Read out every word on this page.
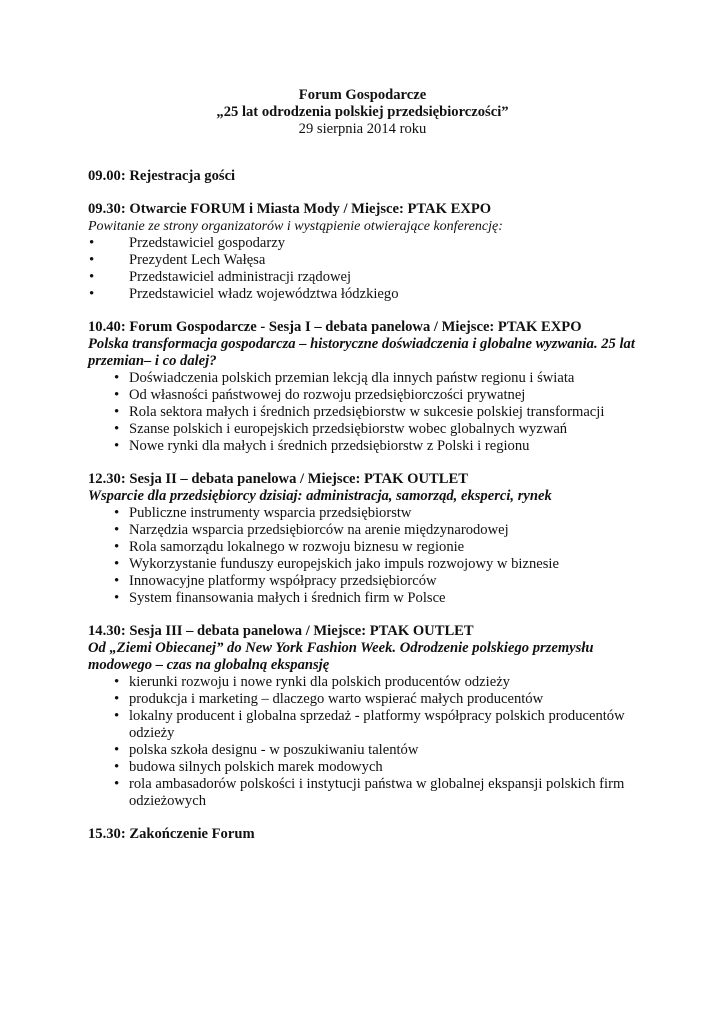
Forum Gospodarcze
„25 lat odrodzenia polskiej przedsiębiorczości”
29 sierpnia 2014 roku
09.00: Rejestracja gości
09.30: Otwarcie FORUM i Miasta Mody / Miejsce: PTAK EXPO
Powitanie ze strony organizatorów i wystąpienie otwierające konferencję:
• Przedstawiciel gospodarzy
• Prezydent Lech Wałęsa
• Przedstawiciel administracji rządowej
• Przedstawiciel władz województwa łódzkiego
10.40: Forum Gospodarcze - Sesja I – debata panelowa / Miejsce: PTAK EXPO
Polska transformacja gospodarcza – historyczne doświadczenia i globalne wyzwania. 25 lat przemian– i co dalej?
• Doświadczenia polskich przemian lekcją dla innych państw regionu i świata
• Od własności państwowej do rozwoju przedsiębiorczości prywatnej
• Rola sektora małych i średnich przedsiębiorstw w sukcesie polskiej transformacji
• Szanse polskich i europejskich przedsiębiorstw wobec globalnych wyzwań
• Nowe rynki dla małych i średnich przedsiębiorstw z Polski i regionu
12.30: Sesja II – debata panelowa / Miejsce: PTAK OUTLET
Wsparcie dla przedsiębiorcy dzisiaj: administracja, samorząd, eksperci, rynek
• Publiczne instrumenty wsparcia przedsiębiorstw
• Narzędzia wsparcia przedsiębiorców na arenie międzynarodowej
• Rola samorządu lokalnego w rozwoju biznesu w regionie
• Wykorzystanie funduszy europejskich jako impuls rozwojowy w biznesie
• Innowacyjne platformy współpracy przedsiębiorców
• System finansowania małych i średnich firm w Polsce
14.30: Sesja III – debata panelowa / Miejsce: PTAK OUTLET
Od „Ziemi Obiecanej” do New York Fashion Week. Odrodzenie polskiego przemysłu modowego – czas na globalną ekspansję
• kierunki rozwoju i nowe rynki dla polskich producentów odzieży
• produkcja i marketing – dlaczego warto wspierać małych producentów
• lokalny producent i globalna sprzedaż - platformy współpracy polskich producentów odzieży
• polska szkoła designu - w poszukiwaniu talentów
• budowa silnych polskich marek modowych
• rola ambasadorów polskości i instytucji państwa w globalnej ekspansji polskich firm odzieżowych
15.30: Zakończenie Forum
